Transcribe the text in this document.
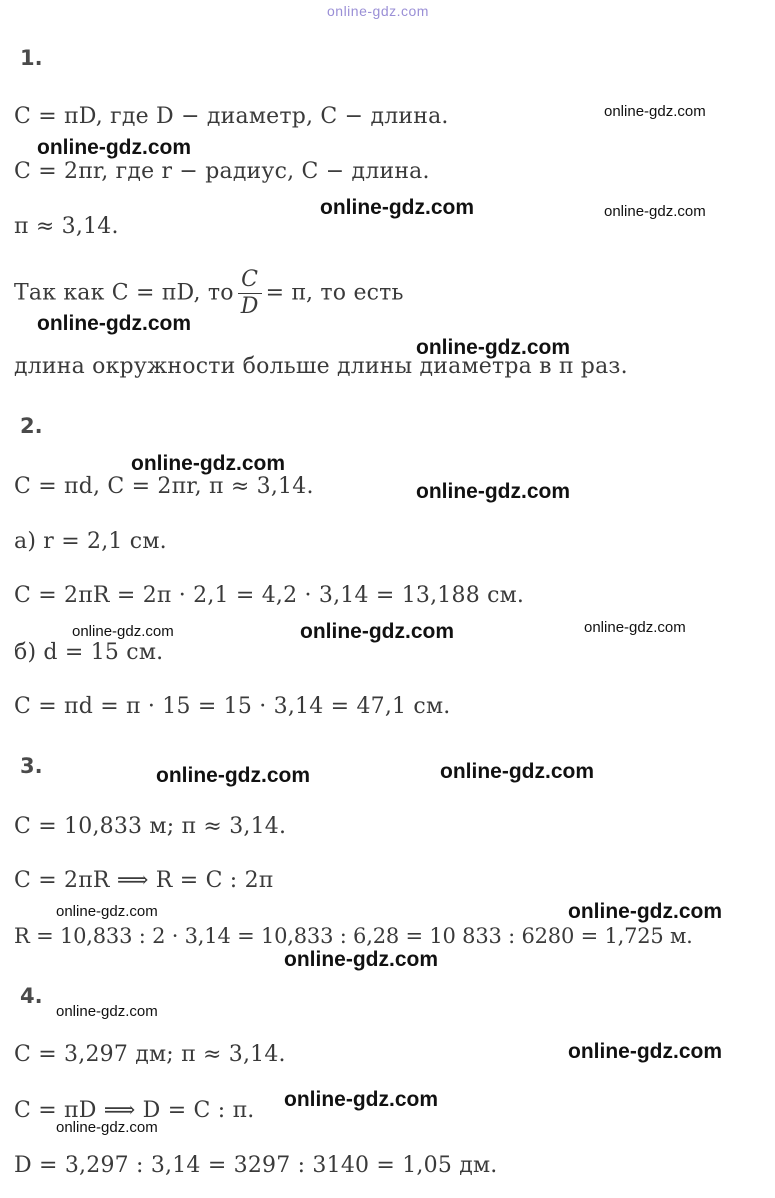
online-gdz.com
1.
C = πD, где D − диаметр, C − длина.
C = 2πr, где r − радиус, C − длина.
π ≈ 3,14.
Так как C = πD, то $\frac{C}{D} = \pi$, то есть
длина окружности больше длины диаметра в π раз.
2.
C = πd, C = 2πr, π ≈ 3,14.
а) r = 2,1 см.
C = 2πR = 2π · 2,1 = 4,2 · 3,14 = 13,188 см.
б) d = 15 см.
C = πd = π · 15 = 15 · 3,14 = 47,1 см.
3.
C = 10,833 м; π ≈ 3,14.
C = 2πR ⟹ R = C : 2π
R = 10,833 : 2 · 3,14 = 10,833 : 6,28 = 10 833 : 6280 = 1,725 м.
4.
C = 3,297 дм; π ≈ 3,14.
C = πD ⟹ D = C : π.
D = 3,297 : 3,14 = 3297 : 3140 = 1,05 дм.
online-gdz.com
online-gdz.com
online-gdz.com	online-gdz.com
online-gdz.com
online-gdz.com
online-gdz.com
online-gdz.com
online-gdz.com	online-gdz.com	online-gdz.com
online-gdz.com	online-gdz.com
online-gdz.com	online-gdz.com
online-gdz.com
online-gdz.com
online-gdz.com
online-gdz.com
online-gdz.com
